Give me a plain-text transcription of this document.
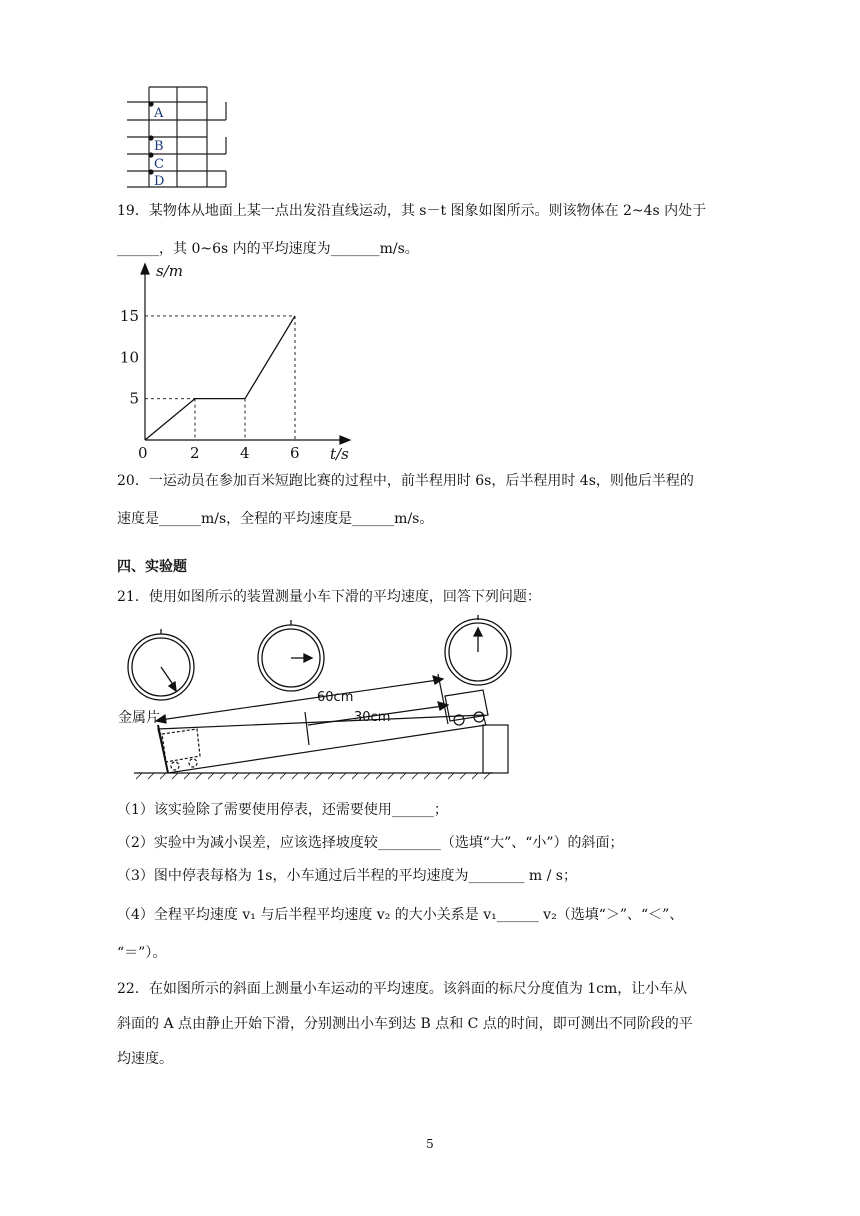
A
B
C
D
19．某物体从地面上某一点出发沿直线运动，其 s－t 图象如图所示。则该物体在 2~4s 内处于
______，其 0~6s 内的平均速度为_______m/s。
s/m
t/s
0	2	4	6
5
10
15
20．一运动员在参加百米短跑比赛的过程中，前半程用时 6s，后半程用时 4s，则他后半程的
速度是______m/s，全程的平均速度是______m/s。
四、实验题
21．使用如图所示的装置测量小车下滑的平均速度，回答下列问题：
金属片
60cm
30cm
（1）该实验除了需要使用停表，还需要使用______；
（2）实验中为减小误差，应该选择坡度较_________（选填“大”、“小”）的斜面；
（3）图中停表每格为 1s，小车通过后半程的平均速度为________ m / s；
（4）全程平均速度 v₁ 与后半程平均速度 v₂ 的大小关系是 v₁______ v₂（选填“＞”、“＜”、
“＝”）。
22．在如图所示的斜面上测量小车运动的平均速度。该斜面的标尺分度值为 1cm，让小车从
斜面的 A 点由静止开始下滑，分别测出小车到达 B 点和 C 点的时间，即可测出不同阶段的平
均速度。
5
